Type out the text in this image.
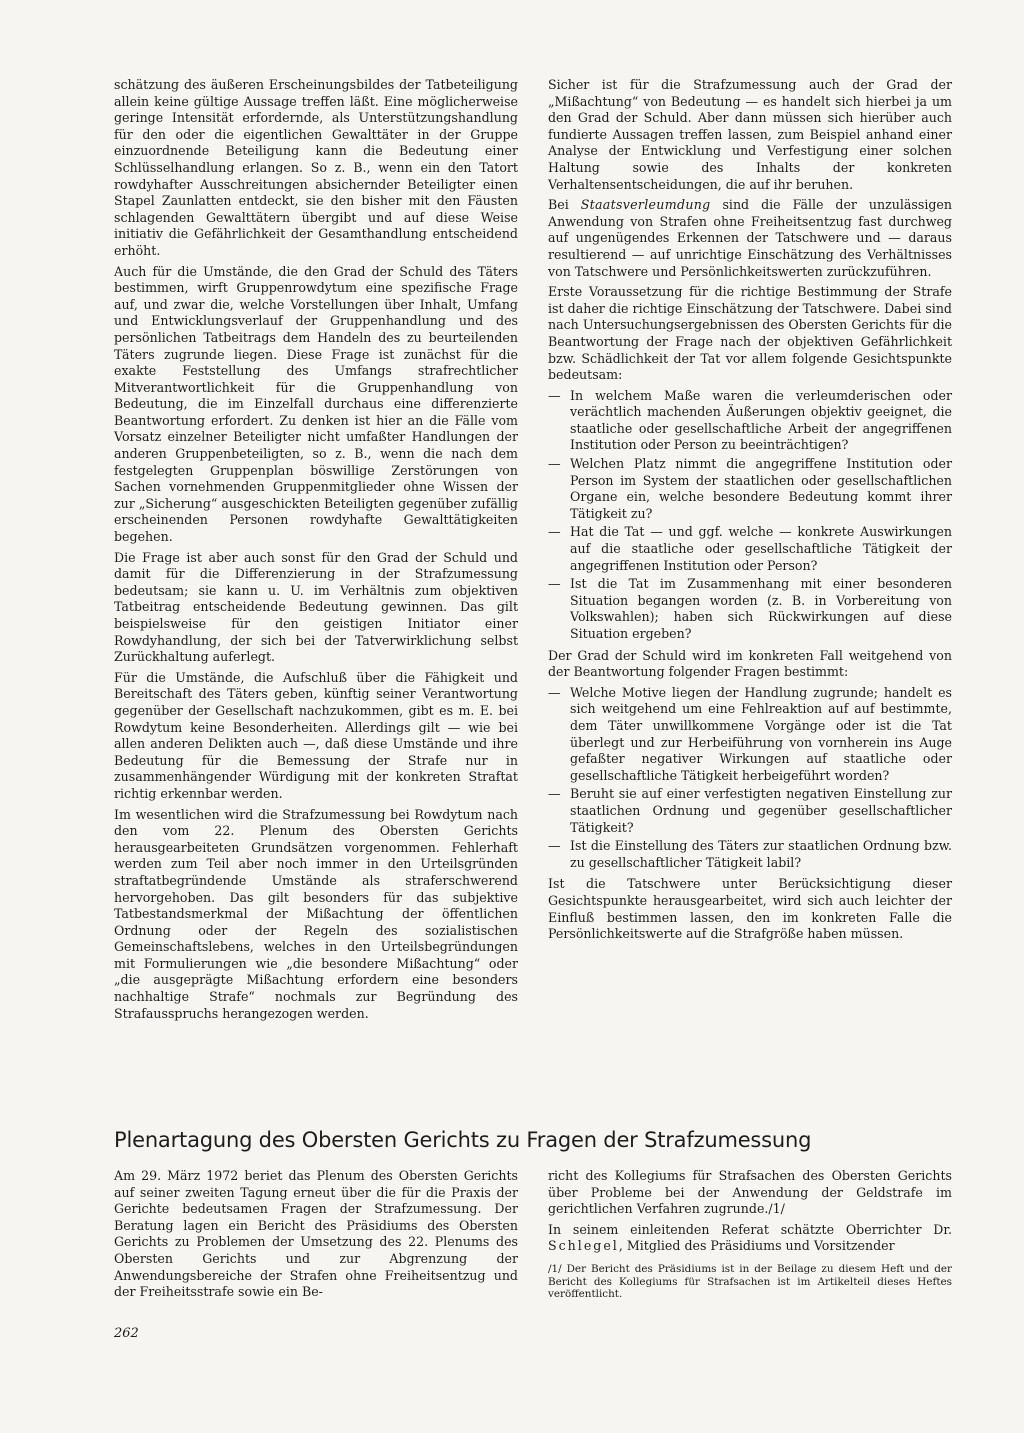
schätzung des äußeren Erscheinungsbildes der Tatbeteiligung allein keine gültige Aussage treffen läßt. Eine möglicherweise geringe Intensität erfordernde, als Unterstützungshandlung für den oder die eigentlichen Gewalttäter in der Gruppe einzuordnende Beteiligung kann die Bedeutung einer Schlüsselhandlung erlangen. So z. B., wenn ein den Tatort rowdyhafter Ausschreitungen absichernder Beteiligter einen Stapel Zaunlatten entdeckt, sie den bisher mit den Fäusten schlagenden Gewalttätern übergibt und auf diese Weise initiativ die Gefährlichkeit der Gesamthandlung entscheidend erhöht.

Auch für die Umstände, die den Grad der Schuld des Täters bestimmen, wirft Gruppenrowdytum eine spezifische Frage auf, und zwar die, welche Vorstellungen über Inhalt, Umfang und Entwicklungsverlauf der Gruppenhandlung und des persönlichen Tatbeitrags dem Handeln des zu beurteilenden Täters zugrunde liegen. Diese Frage ist zunächst für die exakte Feststellung des Umfangs strafrechtlicher Mitverantwortlichkeit für die Gruppenhandlung von Bedeutung, die im Einzelfall durchaus eine differenzierte Beantwortung erfordert. Zu denken ist hier an die Fälle vom Vorsatz einzelner Beteiligter nicht umfaßter Handlungen der anderen Gruppenbeteiligten, so z. B., wenn die nach dem festgelegten Gruppenplan böswillige Zerstörungen von Sachen vornehmenden Gruppenmitglieder ohne Wissen der zur „Sicherung“ ausgeschickten Beteiligten gegenüber zufällig erscheinenden Personen rowdyhafte Gewalttätigkeiten begehen.

Die Frage ist aber auch sonst für den Grad der Schuld und damit für die Differenzierung in der Strafzumessung bedeutsam; sie kann u. U. im Verhältnis zum objektiven Tatbeitrag entscheidende Bedeutung gewinnen. Das gilt beispielsweise für den geistigen Initiator einer Rowdyhandlung, der sich bei der Tatverwirklichung selbst Zurückhaltung auferlegt.

Für die Umstände, die Aufschluß über die Fähigkeit und Bereitschaft des Täters geben, künftig seiner Verantwortung gegenüber der Gesellschaft nachzukommen, gibt es m. E. bei Rowdytum keine Besonderheiten. Allerdings gilt — wie bei allen anderen Delikten auch —, daß diese Umstände und ihre Bedeutung für die Bemessung der Strafe nur in zusammenhängender Würdigung mit der konkreten Straftat richtig erkennbar werden.

Im wesentlichen wird die Strafzumessung bei Rowdytum nach den vom 22. Plenum des Obersten Gerichts herausgearbeiteten Grundsätzen vorgenommen. Fehlerhaft werden zum Teil aber noch immer in den Urteilsgründen straftatbegründende Umstände als straferschwerend hervorgehoben. Das gilt besonders für das subjektive Tatbestandsmerkmal der Mißachtung der öffentlichen Ordnung oder der Regeln des sozialistischen Gemeinschaftslebens, welches in den Urteilsbegründungen mit Formulierungen wie „die besondere Mißachtung“ oder „die ausgeprägte Mißachtung erfordern eine besonders nachhaltige Strafe“ nochmals zur Begründung des Strafausspruchs herangezogen werden.

Sicher ist für die Strafzumessung auch der Grad der „Mißachtung“ von Bedeutung — es handelt sich hierbei ja um den Grad der Schuld. Aber dann müssen sich hierüber auch fundierte Aussagen treffen lassen, zum Beispiel anhand einer Analyse der Entwicklung und Verfestigung einer solchen Haltung sowie des Inhalts der konkreten Verhaltensentscheidungen, die auf ihr beruhen.

Bei Staatsverleumdung sind die Fälle der unzulässigen Anwendung von Strafen ohne Freiheitsentzug fast durchweg auf ungenügendes Erkennen der Tatschwere und — daraus resultierend — auf unrichtige Einschätzung des Verhältnisses von Tatschwere und Persönlichkeitswerten zurückzuführen.

Erste Voraussetzung für die richtige Bestimmung der Strafe ist daher die richtige Einschätzung der Tatschwere. Dabei sind nach Untersuchungsergebnissen des Obersten Gerichts für die Beantwortung der Frage nach der objektiven Gefährlichkeit bzw. Schädlichkeit der Tat vor allem folgende Gesichtspunkte bedeutsam:

— In welchem Maße waren die verleumderischen oder verächtlich machenden Äußerungen objektiv geeignet, die staatliche oder gesellschaftliche Arbeit der angegriffenen Institution oder Person zu beeinträchtigen?
— Welchen Platz nimmt die angegriffene Institution oder Person im System der staatlichen oder gesellschaftlichen Organe ein, welche besondere Bedeutung kommt ihrer Tätigkeit zu?
— Hat die Tat — und ggf. welche — konkrete Auswirkungen auf die staatliche oder gesellschaftliche Tätigkeit der angegriffenen Institution oder Person?
— Ist die Tat im Zusammenhang mit einer besonderen Situation begangen worden (z. B. in Vorbereitung von Volkswahlen); haben sich Rückwirkungen auf diese Situation ergeben?

Der Grad der Schuld wird im konkreten Fall weitgehend von der Beantwortung folgender Fragen bestimmt:

— Welche Motive liegen der Handlung zugrunde; handelt es sich weitgehend um eine Fehlreaktion auf auf bestimmte, dem Täter unwillkommene Vorgänge oder ist die Tat überlegt und zur Herbeiführung von vornherein ins Auge gefaßter negativer Wirkungen auf staatliche oder gesellschaftliche Tätigkeit herbeigeführt worden?
— Beruht sie auf einer verfestigten negativen Einstellung zur staatlichen Ordnung und gegenüber gesellschaftlicher Tätigkeit?
— Ist die Einstellung des Täters zur staatlichen Ordnung bzw. zu gesellschaftlicher Tätigkeit labil?

Ist die Tatschwere unter Berücksichtigung dieser Gesichtspunkte herausgearbeitet, wird sich auch leichter der Einfluß bestimmen lassen, den im konkreten Falle die Persönlichkeitswerte auf die Strafgröße haben müssen.

Plenartagung des Obersten Gerichts zu Fragen der Strafzumessung

Am 29. März 1972 beriet das Plenum des Obersten Gerichts auf seiner zweiten Tagung erneut über die für die Praxis der Gerichte bedeutsamen Fragen der Strafzumessung. Der Beratung lagen ein Bericht des Präsidiums des Obersten Gerichts zu Problemen der Umsetzung des 22. Plenums des Obersten Gerichts und zur Abgrenzung der Anwendungsbereiche der Strafen ohne Freiheitsentzug und der Freiheitsstrafe sowie ein Be-

richt des Kollegiums für Strafsachen des Obersten Gerichts über Probleme bei der Anwendung der Geldstrafe im gerichtlichen Verfahren zugrunde./1/

In seinem einleitenden Referat schätzte Oberrichter Dr. Schlegel, Mitglied des Präsidiums und Vorsitzender

/1/ Der Bericht des Präsidiums ist in der Beilage zu diesem Heft und der Bericht des Kollegiums für Strafsachen ist im Artikelteil dieses Heftes veröffentlicht.
262
